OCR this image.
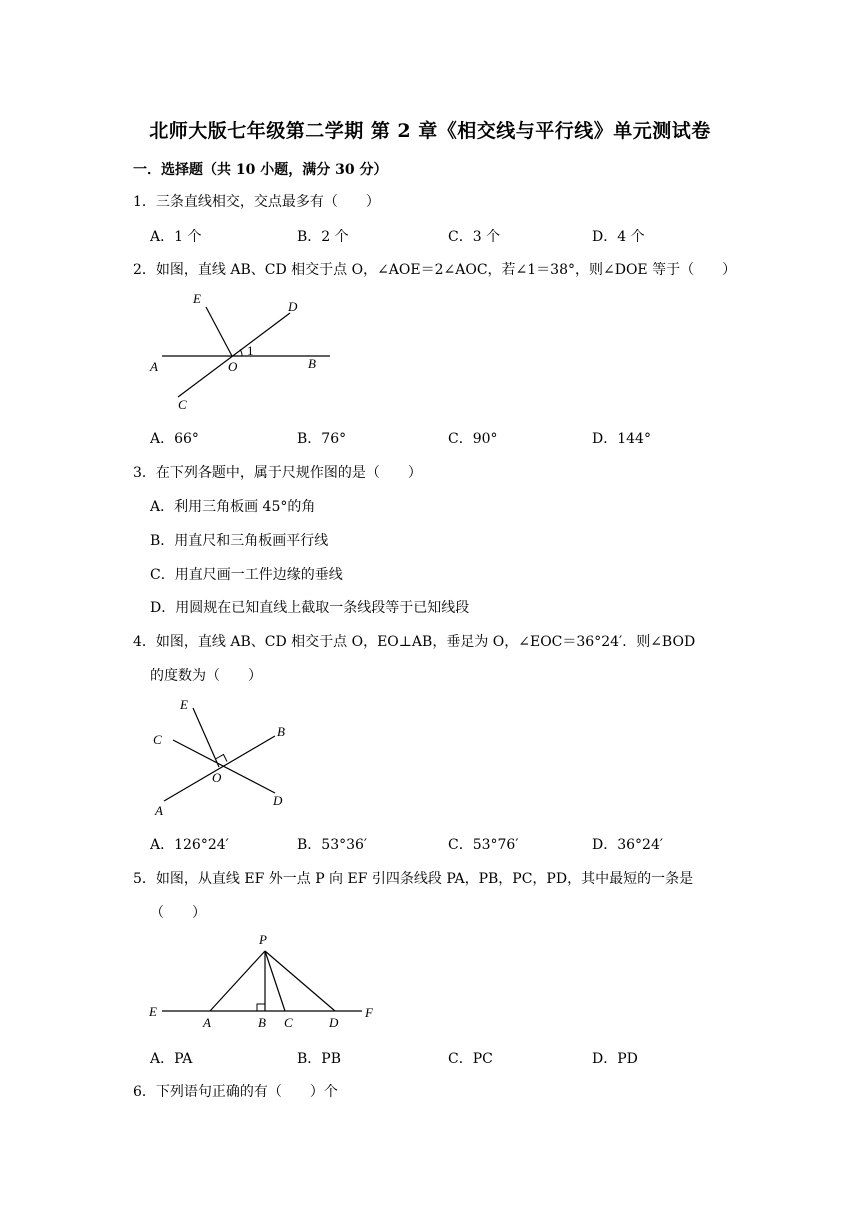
北师大版七年级第二学期 第 2 章《相交线与平行线》单元测试卷
一．选择题（共 10 小题，满分 30 分）
1．三条直线相交，交点最多有（　　）
A．1 个	B．2 个	C．3 个	D．4 个
2．如图，直线 AB、CD 相交于点 O，∠AOE＝2∠AOC，若∠1＝38°，则∠DOE 等于（　　）
E
D
A	O
1
B
C
A．66°	B．76°	C．90°	D．144°
3．在下列各题中，属于尺规作图的是（　　）
A．利用三角板画 45°的角
B．用直尺和三角板画平行线
C．用直尺画一工件边缘的垂线
D．用圆规在已知直线上截取一条线段等于已知线段
4．如图，直线 AB、CD 相交于点 O，EO⊥AB，垂足为 O，∠EOC＝36°24′．则∠BOD
的度数为（　　）
E
C
B
O
A
D
A．126°24′	B．53°36′	C．53°76′	D．36°24′
5．如图，从直线 EF 外一点 P 向 EF 引四条线段 PA，PB，PC，PD，其中最短的一条是
（　　）
P
E
A	B C	D
F
A．PA	B．PB	C．PC	D．PD
6．下列语句正确的有（　　）个
